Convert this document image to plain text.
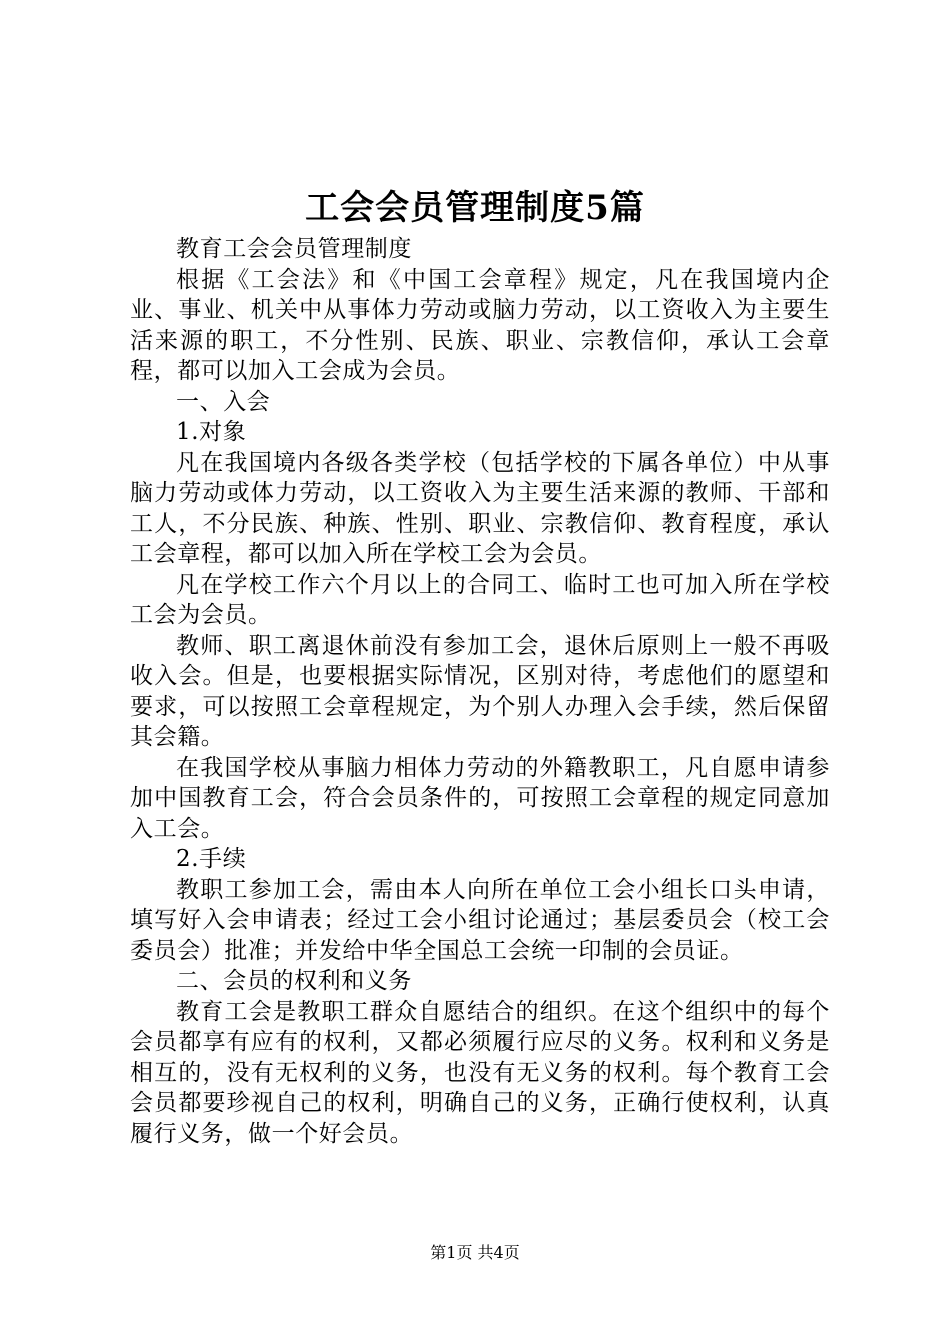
工会会员管理制度5篇

教育工会会员管理制度

根据《工会法》和《中国工会章程》规定，凡在我国境内企业、事业、机关中从事体力劳动或脑力劳动，以工资收入为主要生活来源的职工，不分性别、民族、职业、宗教信仰，承认工会章程，都可以加入工会成为会员。

一、入会

1.对象

凡在我国境内各级各类学校（包括学校的下属各单位）中从事脑力劳动或体力劳动，以工资收入为主要生活来源的教师、干部和工人，不分民族、种族、性别、职业、宗教信仰、教育程度，承认工会章程，都可以加入所在学校工会为会员。

凡在学校工作六个月以上的合同工、临时工也可加入所在学校工会为会员。

教师、职工离退休前没有参加工会，退休后原则上一般不再吸收入会。但是，也要根据实际情况，区别对待，考虑他们的愿望和要求，可以按照工会章程规定，为个别人办理入会手续，然后保留其会籍。

在我国学校从事脑力相体力劳动的外籍教职工，凡自愿申请参加中国教育工会，符合会员条件的，可按照工会章程的规定同意加入工会。

2.手续

教职工参加工会，需由本人向所在单位工会小组长口头申请，填写好入会申请表；经过工会小组讨论通过；基层委员会（校工会委员会）批准；并发给中华全国总工会统一印制的会员证。

二、会员的权利和义务

教育工会是教职工群众自愿结合的组织。在这个组织中的每个会员都享有应有的权利，又都必须履行应尽的义务。权利和义务是相互的，没有无权利的义务，也没有无义务的权利。每个教育工会会员都要珍视自己的权利，明确自己的义务，正确行使权利，认真履行义务，做一个好会员。

第1页 共4页
